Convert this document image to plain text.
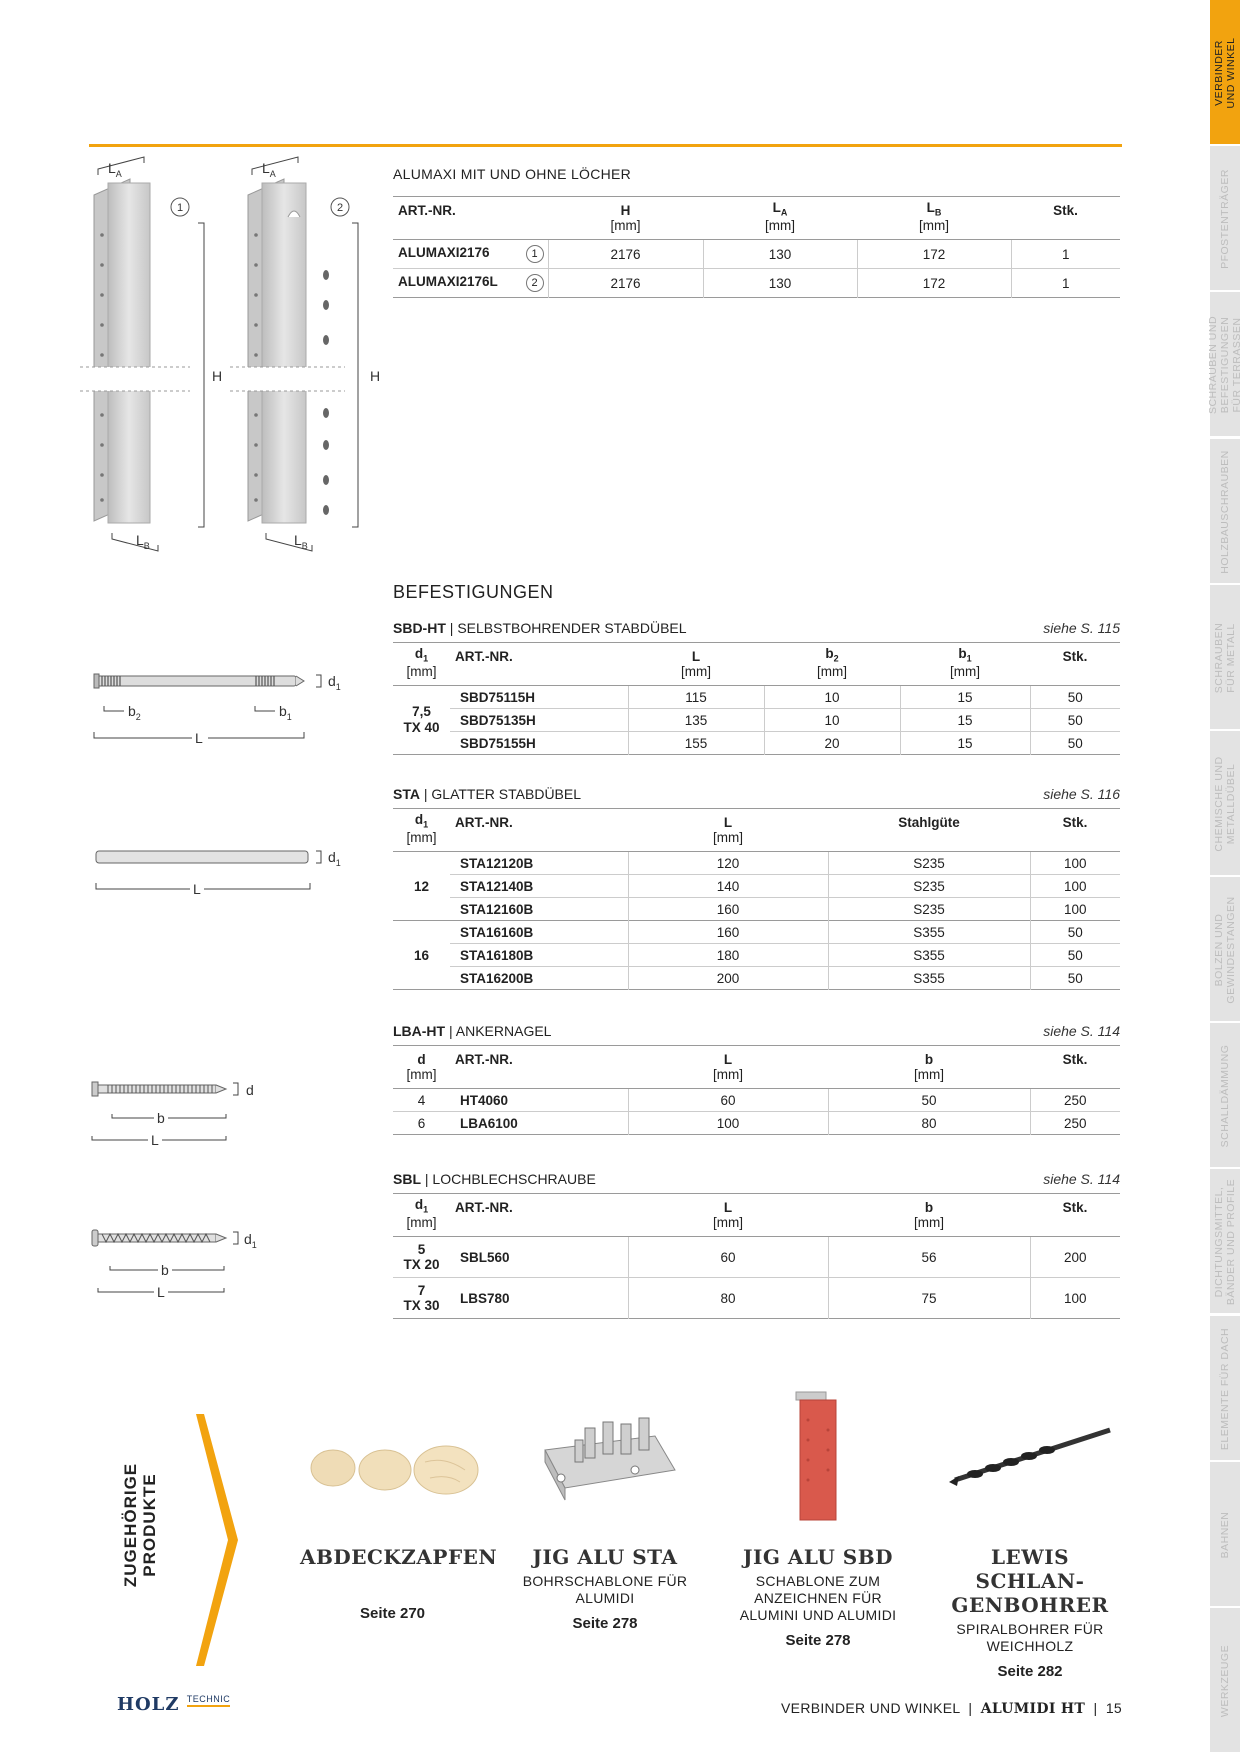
VERBINDER
UND WINKEL
PFOSTENTRÄGER
SCHRAUBEN UND
BEFESTIGUNGEN
FÜR TERRASSEN
HOLZBAUSCHRAUBEN
SCHRAUBEN
FÜR METALL
CHEMISCHE UND
METALLDÜBEL
BOLZEN UND
GEWINDESTANGEN
SCHALLDÄMMUNG
DICHTUNGSMITTEL,
BÄNDER UND PROFILE
ELEMENTE FÜR DACH
BAHNEN
WERKZEUGE
$L_A$	$L_A$
$L_B$	$L_B$
H	H
1	2
ALUMAXI MIT UND OHNE LÖCHER
ART.-NR.	H	$L_A$	$L_B$	Stk.
	[mm]	[mm]	[mm]	
ALUMAXI2176 1	2176	130	172	1
ALUMAXI2176L 2	2176	130	172	1
BEFESTIGUNGEN
$d_1$
$b_2$	$b_1$
L
SBD-HT | SELBSTBOHRENDER STABDÜBEL	siehe S. 115
$d_1$	ART.-NR.	L	$b_2$	$b_1$	Stk.
[mm]		[mm]	[mm]	[mm]	
7,5
TX 40	SBD75115H	115	10	15	50
	SBD75135H	135	10	15	50
	SBD75155H	155	20	15	50
$d_1$
L
STA | GLATTER STABDÜBEL	siehe S. 116
$d_1$	ART.-NR.	L	Stahlgüte	Stk.
[mm]		[mm]		
12	STA12120B	120	S235	100
	STA12140B	140	S235	100
	STA12160B	160	S235	100
16	STA16160B	160	S355	50
	STA16180B	180	S355	50
	STA16200B	200	S355	50
d
b
L
LBA-HT | ANKERNAGEL	siehe S. 114
d	ART.-NR.	L	b	Stk.
[mm]		[mm]	[mm]	
4	HT4060	60	50	250
6	LBA6100	100	80	250
$d_1$
b
L
SBL | LOCHBLECHSCHRAUBE	siehe S. 114
$d_1$	ART.-NR.	L	b	Stk.
[mm]		[mm]	[mm]	
5
TX 20	SBL560	60	56	200
7
TX 30	LBS780	80	75	100
ZUGEHÖRIGE
PRODUKTE	ABDECKZAPFEN
Seite 270
JIG ALU STA
BOHRSCHABLONE FÜR
ALUMIDI
Seite 278
JIG ALU SBD
SCHABLONE ZUM
ANZEICHNEN FÜR
ALUMINI UND ALUMIDI
Seite 278
LEWIS SCHLAN-
GENBOHRER
SPIRALBOHRER FÜR
WEICHHOLZ
Seite 282
HOLZ $^{TECHNIC}$
VERBINDER UND WINKEL  |  ALUMIDI HT  |  15
